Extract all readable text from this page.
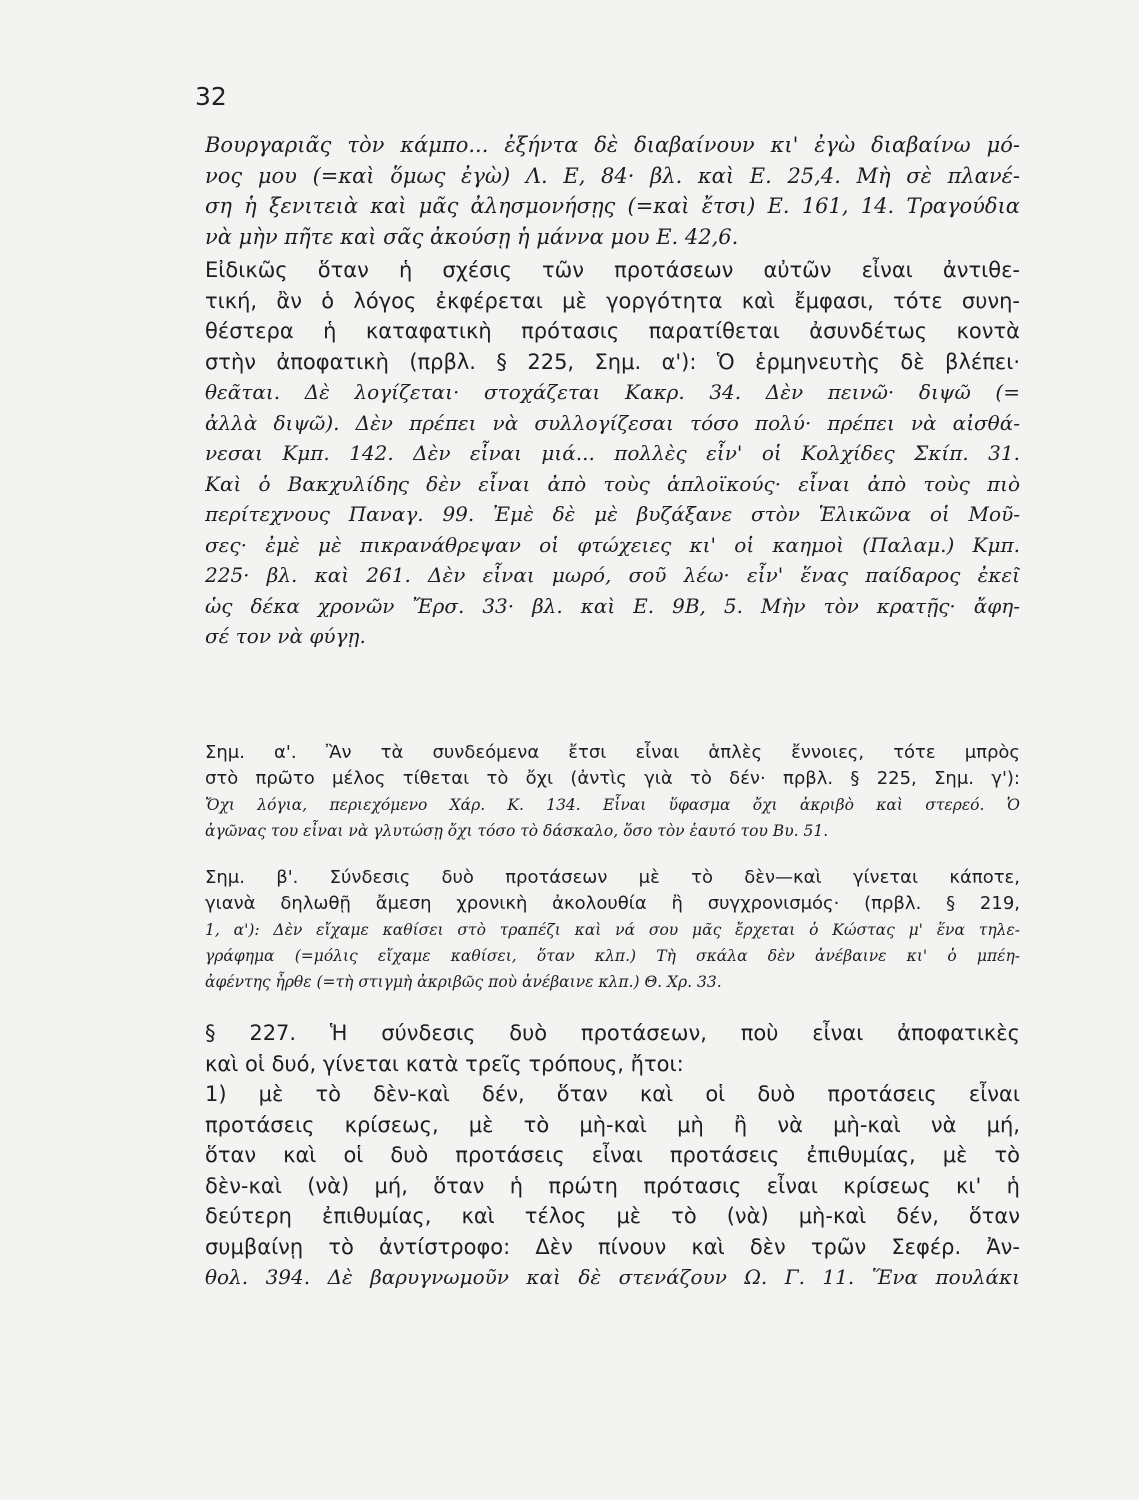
32
Βουργαριᾶς τὸν κάμπο... ἐξήντα δὲ διαβαίνουν κι' ἐγὼ διαβαίνω μό-
νος μου (=καὶ ὅμως ἐγὼ) Λ. Ε, 84· βλ. καὶ Ε. 25,4. Μὴ σὲ πλανέ-
ση ἡ ξενιτειὰ καὶ μᾶς ἀλησμονήσῃς (=καὶ ἔτσι) Ε. 161, 14. Τραγούδια
νὰ μὴν πῆτε καὶ σᾶς ἀκούσῃ ἡ μάννα μου Ε. 42,6.
Εἰδικῶς ὅταν ἡ σχέσις τῶν προτάσεων αὐτῶν εἶναι ἀντιθε-
τική, ἂν ὁ λόγος ἐκφέρεται μὲ γοργότητα καὶ ἔμφασι, τότε συνη-
θέστερα ἡ καταφατικὴ πρότασις παρατίθεται ἀσυνδέτως κοντὰ
στὴν ἀποφατικὴ (πρβλ. § 225, Σημ. α'): Ὁ ἑρμηνευτὴς δὲ βλέπει·
θεᾶται. Δὲ λογίζεται· στοχάζεται Κακρ. 34. Δὲν πεινῶ· διψῶ (=
ἀλλὰ διψῶ). Δὲν πρέπει νὰ συλλογίζεσαι τόσο πολύ· πρέπει νὰ αἰσθά-
νεσαι Κμπ. 142. Δὲν εἶναι μιά... πολλὲς εἶν' οἱ Κολχίδες Σκίπ. 31.
Καὶ ὁ Βακχυλίδης δὲν εἶναι ἀπὸ τοὺς ἁπλοϊκούς· εἶναι ἀπὸ τοὺς πιὸ
περίτεχνους Παναγ. 99. Ἐμὲ δὲ μὲ βυζάξανε στὸν Ἑλικῶνα οἱ Μοῦ-
σες· ἐμὲ μὲ πικρανάθρεψαν οἱ φτώχειες κι' οἱ καημοὶ (Παλαμ.) Κμπ.
225· βλ. καὶ 261. Δὲν εἶναι μωρό, σοῦ λέω· εἶν' ἕνας παίδαρος ἐκεῖ
ὡς δέκα χρονῶν Ἔρσ. 33· βλ. καὶ Ε. 9Β, 5. Μὴν τὸν κρατῇς· ἄφη-
σέ τον νὰ φύγῃ.
Σημ. α'. Ἂν τὰ συνδεόμενα ἔτσι εἶναι ἁπλὲς ἔννοιες, τότε μπρὸς
στὸ πρῶτο μέλος τίθεται τὸ ὄχι (ἀντὶς γιὰ τὸ δέν· πρβλ. § 225, Σημ. γ'):
Ὄχι λόγια, περιεχόμενο Χάρ. Κ. 134. Εἶναι ὕφασμα ὄχι ἀκριβὸ καὶ στερεό. Ὁ
ἀγῶνας του εἶναι νὰ γλυτώσῃ ὄχι τόσο τὸ δάσκαλο, ὅσο τὸν ἑαυτό του Βυ. 51.
Σημ. β'. Σύνδεσις δυὸ προτάσεων μὲ τὸ δὲν—καὶ γίνεται κάποτε,
γιανὰ δηλωθῇ ἄμεση χρονικὴ ἀκολουθία ἢ συγχρονισμός· (πρβλ. § 219,
1, α'): Δὲν εἴχαμε καθίσει στὸ τραπέζι καὶ νά σου μᾶς ἔρχεται ὁ Κώστας μ' ἕνα τηλε-
γράφημα (=μόλις εἴχαμε καθίσει, ὅταν κλπ.) Τὴ σκάλα δὲν ἀνέβαινε κι' ὁ μπέη-
ἀφέντης ἦρθε (=τὴ στιγμὴ ἀκριβῶς ποὺ ἀνέβαινε κλπ.) Θ. Χρ. 33.
§ 227. Ἡ σύνδεσις δυὸ προτάσεων, ποὺ εἶναι ἀποφατικὲς
καὶ οἱ δυό, γίνεται κατὰ τρεῖς τρόπους, ἤτοι:
1) μὲ τὸ δὲν-καὶ δέν, ὅταν καὶ οἱ δυὸ προτάσεις εἶναι
προτάσεις κρίσεως, μὲ τὸ μὴ-καὶ μὴ ἢ νὰ μὴ-καὶ νὰ μή,
ὅταν καὶ οἱ δυὸ προτάσεις εἶναι προτάσεις ἐπιθυμίας, μὲ τὸ
δὲν-καὶ (νὰ) μή, ὅταν ἡ πρώτη πρότασις εἶναι κρίσεως κι' ἡ
δεύτερη ἐπιθυμίας, καὶ τέλος μὲ τὸ (νὰ) μὴ-καὶ δέν, ὅταν
συμβαίνῃ τὸ ἀντίστροφο: Δὲν πίνουν καὶ δὲν τρῶν Σεφέρ. Ἀν-
θολ. 394. Δὲ βαρυγνωμοῦν καὶ δὲ στενάζουν Ω. Γ. 11. Ἕνα πουλάκι
